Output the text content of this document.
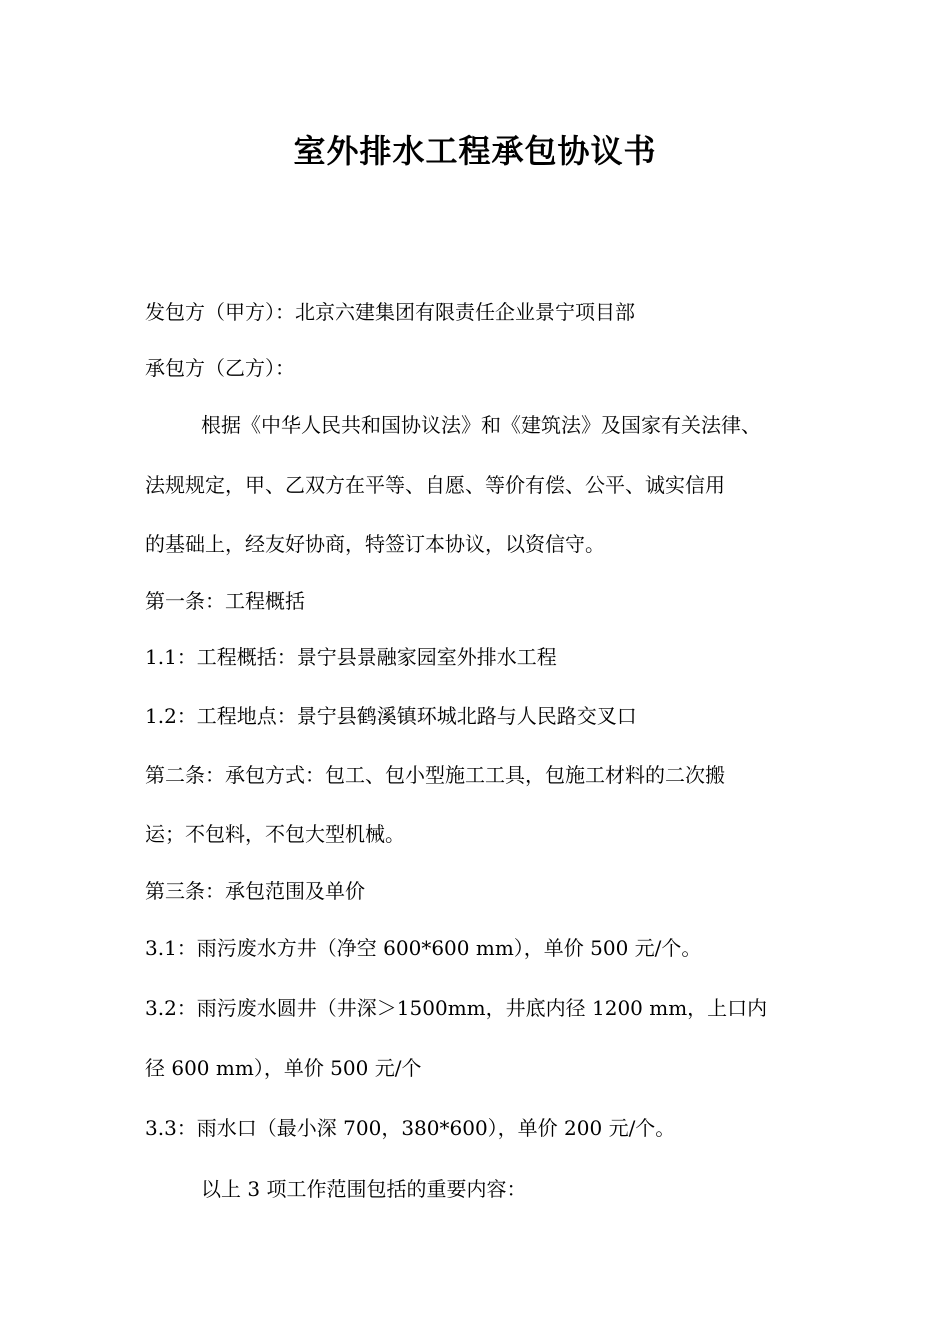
室外排水工程承包协议书

发包方（甲方）：北京六建集团有限责任企业景宁项目部

承包方（乙方）：

根据《中华人民共和国协议法》和《建筑法》及国家有关法律、

法规规定，甲、乙双方在平等、自愿、等价有偿、公平、诚实信用

的基础上，经友好协商，特签订本协议，以资信守。

第一条：工程概括

1.1：工程概括：景宁县景融家园室外排水工程

1.2：工程地点：景宁县鹤溪镇环城北路与人民路交叉口

第二条：承包方式：包工、包小型施工工具，包施工材料的二次搬

运；不包料，不包大型机械。

第三条：承包范围及单价

3.1：雨污废水方井（净空 600*600 mm），单价 500 元/个。

3.2：雨污废水圆井（井深＞1500mm，井底内径 1200 mm，上口内

径 600 mm），单价 500 元/个

3.3：雨水口（最小深 700，380*600），单价 200 元/个。

以上 3 项工作范围包括的重要内容：
